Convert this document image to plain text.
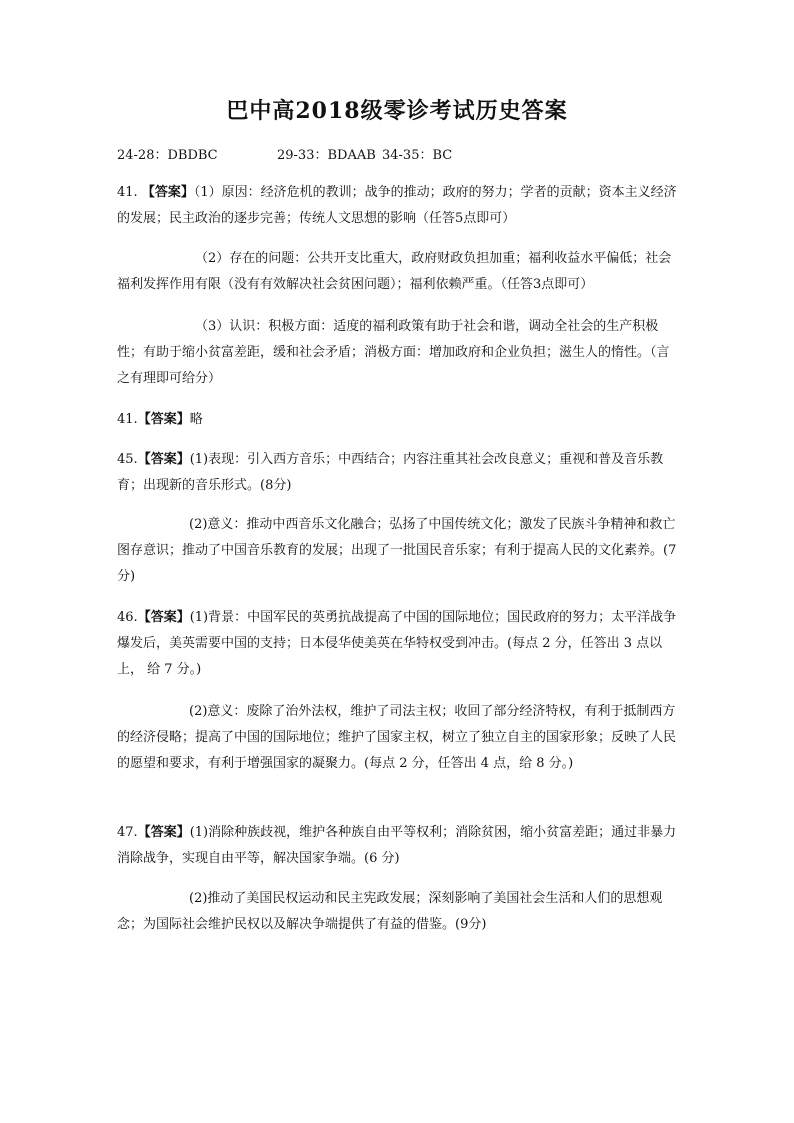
巴中高2018级零诊考试历史答案
24-28：DBDBC	29-33：BDAAB 34-35：BC
41. 【答案】（1）原因：经济危机的教训；战争的推动；政府的努力；学者的贡献；资本主义经济的发展；民主政治的逐步完善；传统人文思想的影响（任答5点即可）
（2）存在的问题：公共开支比重大，政府财政负担加重；福利收益水平偏低；社会福利发挥作用有限（没有有效解决社会贫困问题）；福利依赖严重。（任答3点即可）
（3）认识：积极方面：适度的福利政策有助于社会和谐，调动全社会的生产积极性；有助于缩小贫富差距，缓和社会矛盾；消极方面：增加政府和企业负担；滋生人的惰性。（言之有理即可给分）
41.【答案】略
45.【答案】(1)表现：引入西方音乐；中西结合；内容注重其社会改良意义；重视和普及音乐教育；出现新的音乐形式。(8分)
(2)意义：推动中西音乐文化融合；弘扬了中国传统文化；激发了民族斗争精神和救亡图存意识；推动了中国音乐教育的发展；出现了一批国民音乐家；有利于提高人民的文化素养。(7分)
46.【答案】(1)背景：中国军民的英勇抗战提高了中国的国际地位；国民政府的努力；太平洋战争爆发后，美英需要中国的支持；日本侵华使美英在华特权受到冲击。(每点 2 分，任答出 3 点以上， 给 7 分。)
(2)意义：废除了治外法权，维护了司法主权；收回了部分经济特权，有利于抵制西方的经济侵略；提高了中国的国际地位；维护了国家主权，树立了独立自主的国家形象；反映了人民的愿望和要求，有利于增强国家的凝聚力。(每点 2 分，任答出 4 点，给 8 分。)
47.【答案】(1)消除种族歧视，维护各种族自由平等权利；消除贫困，缩小贫富差距；通过非暴力消除战争，实现自由平等，解决国家争端。(6 分)
(2)推动了美国民权运动和民主宪政发展；深刻影响了美国社会生活和人们的思想观念；为国际社会维护民权以及解决争端提供了有益的借鉴。(9分)
